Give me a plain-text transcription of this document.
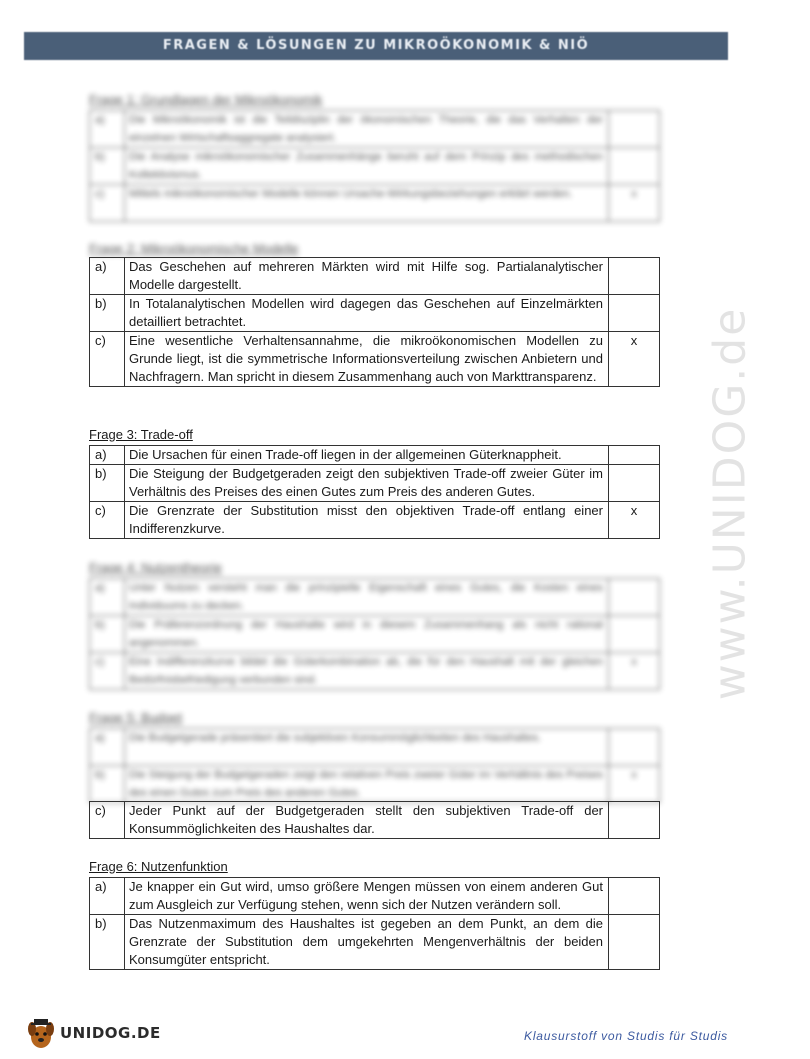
FRAGEN & LÖSUNGEN ZU MIKROÖKONOMIK & NIÖ
www.UNIDOG.de
Frage 1: Grundlagen der Mikroökonomik
a)	Die Mikroökonomik ist die Teildisziplin der ökonomischen Theorie, die das Verhalten der einzelnen Wirtschaftsaggregate analysiert.	
b)	Die Analyse mikroökonomischer Zusammenhänge beruht auf dem Prinzip des methodischen Kollektivismus.	
c)	Mittels mikroökonomischer Modelle können Ursache-Wirkungsbeziehungen erklärt werden.	x
Frage 2: Mikroökonomische Modelle
a)	Das Geschehen auf mehreren Märkten wird mit Hilfe sog. Partialanalytischer Modelle dargestellt.	
b)	In Totalanalytischen Modellen wird dagegen das Geschehen auf Einzelmärkten detailliert betrachtet.	
c)	Eine wesentliche Verhaltensannahme, die mikroökonomischen Modellen zu Grunde liegt, ist die symmetrische Informationsverteilung zwischen Anbietern und Nachfragern. Man spricht in diesem Zusammenhang auch von Markttransparenz.	x
Frage 3: Trade-off
a)	Die Ursachen für einen Trade-off liegen in der allgemeinen Güterknappheit.	
b)	Die Steigung der Budgetgeraden zeigt den subjektiven Trade-off zweier Güter im Verhältnis des Preises des einen Gutes zum Preis des anderen Gutes.	
c)	Die Grenzrate der Substitution misst den objektiven Trade-off entlang einer Indifferenzkurve.	x
Frage 4: Nutzentheorie
a)	Unter Nutzen versteht man die prinzipielle Eigenschaft eines Gutes, die Kosten eines Individuums zu decken.	
b)	Die Präferenzordnung der Haushalte wird in diesem Zusammenhang als nicht rational angenommen.	
c)	Eine Indifferenzkurve bildet die Güterkombination ab, die für den Haushalt mit der gleichen Bedürfnisbefriedigung verbunden sind.	x
Frage 5: Budget
a)	Die Budgetgerade präsentiert die subjektiven Konsummöglichkeiten des Haushaltes.	
b)	Die Steigung der Budgetgeraden zeigt den relativen Preis zweier Güter im Verhältnis des Preises des einen Gutes zum Preis des anderen Gutes.	x
c)	Jeder Punkt auf der Budgetgeraden stellt den subjektiven Trade-off der Konsummöglichkeiten des Haushaltes dar.	
Frage 6: Nutzenfunktion
a)	Je knapper ein Gut wird, umso größere Mengen müssen von einem anderen Gut zum Ausgleich zur Verfügung stehen, wenn sich der Nutzen verändern soll.	
b)	Das Nutzenmaximum des Haushaltes ist gegeben an dem Punkt, an dem die Grenzrate der Substitution dem umgekehrten Mengenverhältnis der beiden Konsumgüter entspricht.	
UNIDOG.DE	Klausurstoff von Studis für Studis
